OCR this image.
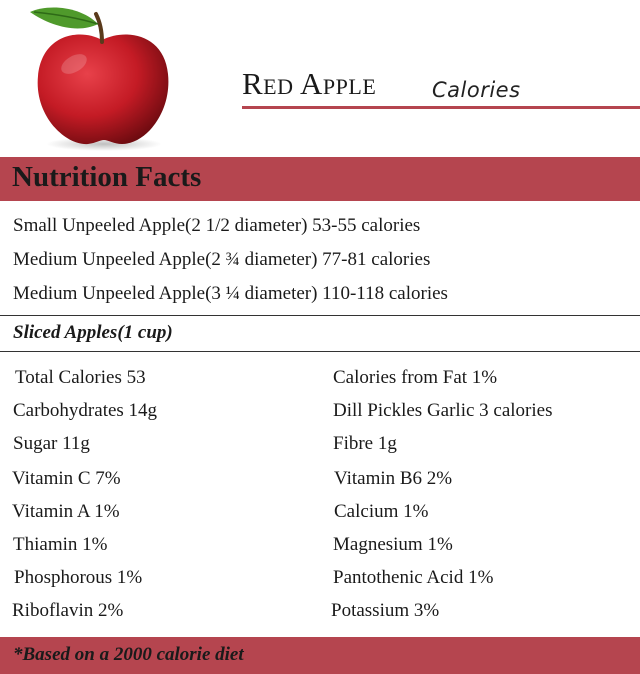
Red Apple	Calories
Nutrition Facts
Small Unpeeled Apple(2 1/2 diameter) 53-55 calories
Medium Unpeeled Apple(2 ¾ diameter) 77-81 calories
Medium Unpeeled Apple(3 ¼ diameter) 110-118 calories
Sliced Apples(1 cup)
Total Calories 53
Carbohydrates 14g
Sugar 11g
Vitamin C 7%
Vitamin A 1%
Thiamin 1%
Phosphorous 1%
Riboflavin 2%
Calories from Fat 1%
Dill Pickles Garlic 3 calories
Fibre 1g
Vitamin B6 2%
Calcium 1%
Magnesium 1%
Pantothenic Acid 1%
Potassium 3%
*Based on a 2000 calorie diet
